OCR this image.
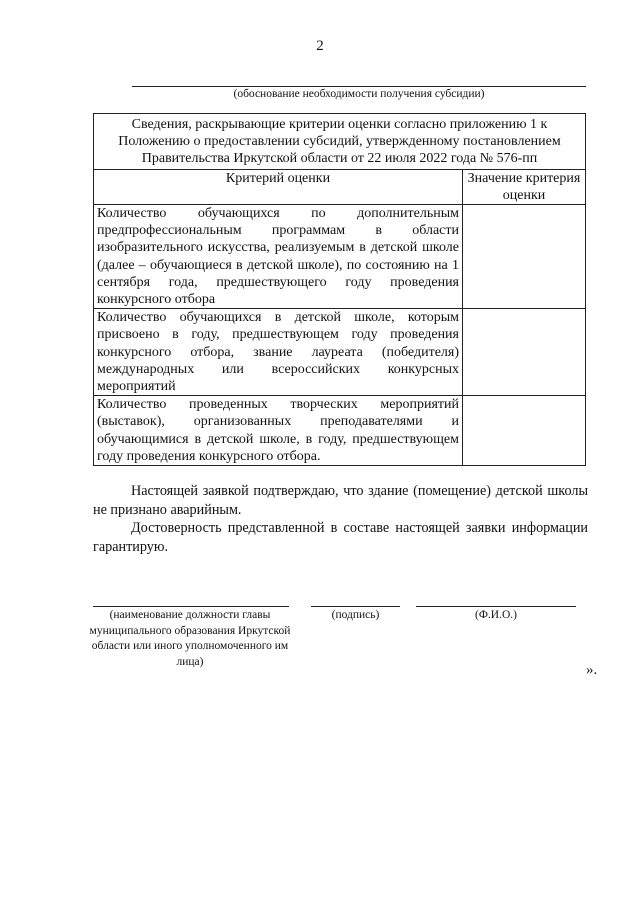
2
(обоснование необходимости получения субсидии)
Сведения, раскрывающие критерии оценки согласно приложению 1 к Положению о предоставлении субсидий, утвержденному постановлением Правительства Иркутской области от 22 июля 2022 года № 576-пп	
Критерий оценки	Значение критерия оценки
Количество обучающихся по дополнительным предпрофессиональным программам в области изобразительного искусства, реализуемым в детской школе (далее – обучающиеся в детской школе), по состоянию на 1 сентября года, предшествующего году проведения конкурсного отбора	
Количество обучающихся в детской школе, которым присвоено в году, предшествующем году проведения конкурсного отбора, звание лауреата (победителя) международных или всероссийских конкурсных мероприятий	
Количество проведенных творческих мероприятий (выставок), организованных преподавателями и обучающимися в детской школе, в году, предшествующем году проведения конкурсного отбора.	
Настоящей заявкой подтверждаю, что здание (помещение) детской школы не признано аварийным.
Достоверность представленной в составе настоящей заявки информации гарантирую.
(наименование должности главы муниципального образования Иркутской области или иного уполномоченного им лица)
(подпись)	(Ф.И.О.)
».
